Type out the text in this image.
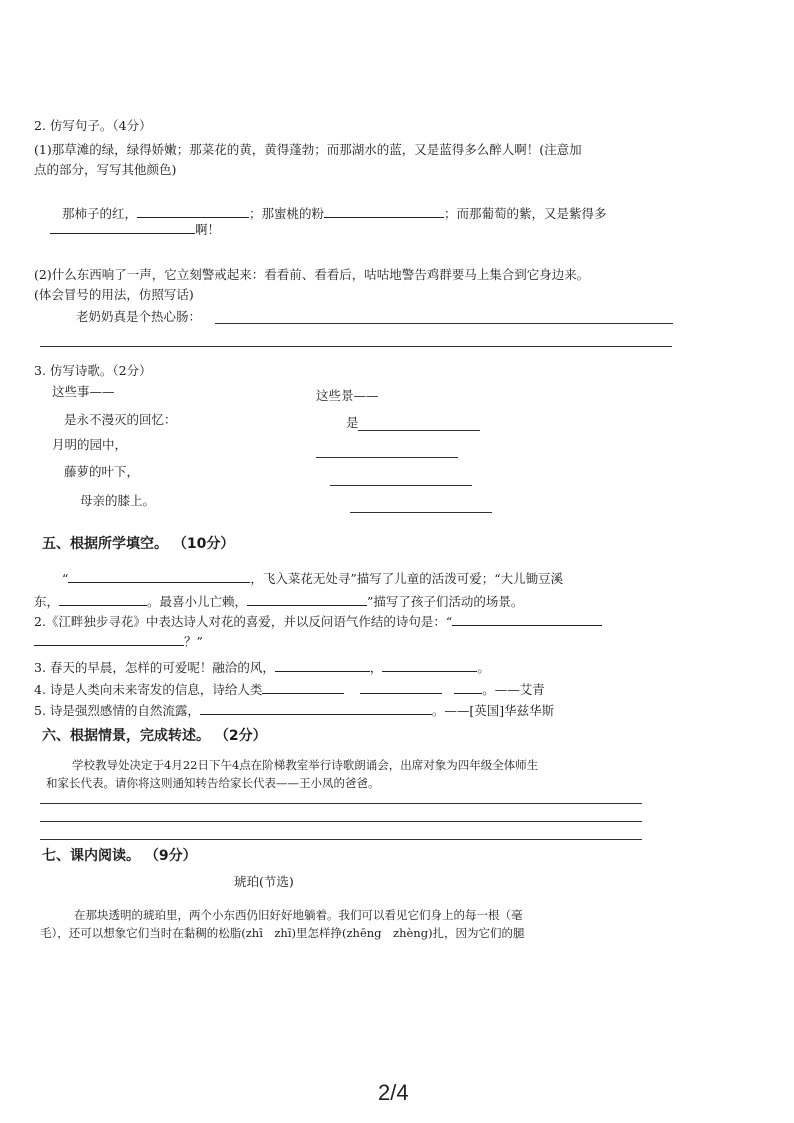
2. 仿写句子。（4分）
(1)那草滩的绿，绿得娇嫩；那菜花的黄，黄得蓬勃；而那湖水的蓝，又是蓝得多么醉人啊！(注意加
点的部分，写写其他颜色)
那柿子的红，	；那蜜桃的粉	；而那葡萄的紫，又是紫得多
啊！
(2)什么东西响了一声，它立刻警戒起来：看看前、看看后，咕咕地警告鸡群要马上集合到它身边来。
(体会冒号的用法，仿照写话)
老奶奶真是个热心肠：
3. 仿写诗歌。（2分）
这些事——
是永不漫灭的回忆：
月明的园中，
藤萝的叶下，
母亲的膝上。
这些景——
是
五、根据所学填空。 （10分）
“	，飞入菜花无处寻”描写了儿童的活泼可爱；“大儿锄豆溪
东，	。最喜小儿亡赖，	”描写了孩子们活动的场景。
2.《江畔独步寻花》中表达诗人对花的喜爱，并以反问语气作结的诗句是：“
？”
3. 春天的早晨，怎样的可爱呢！融洽的风，	，	。
4. 诗是人类向未来寄发的信息，诗给人类	。——艾青
5. 诗是强烈感情的自然流露，	。——[英国]华兹华斯
六、根据情景，完成转述。 （2分）
学校教导处决定于4月22日下午4点在阶梯教室举行诗歌朗诵会，出席对象为四年级全体师生
和家长代表。请你将这则通知转告给家长代表——王小凤的爸爸。
七、课内阅读。 （9分）
琥珀(节选)
在那块透明的琥珀里，两个小东西仍旧好好地躺着。我们可以看见它们身上的每一根（毫
毛），还可以想象它们当时在黏稠的松脂(zhī　zhī)里怎样挣(zhēng　zhèng)扎，因为它们的腿
2/4
